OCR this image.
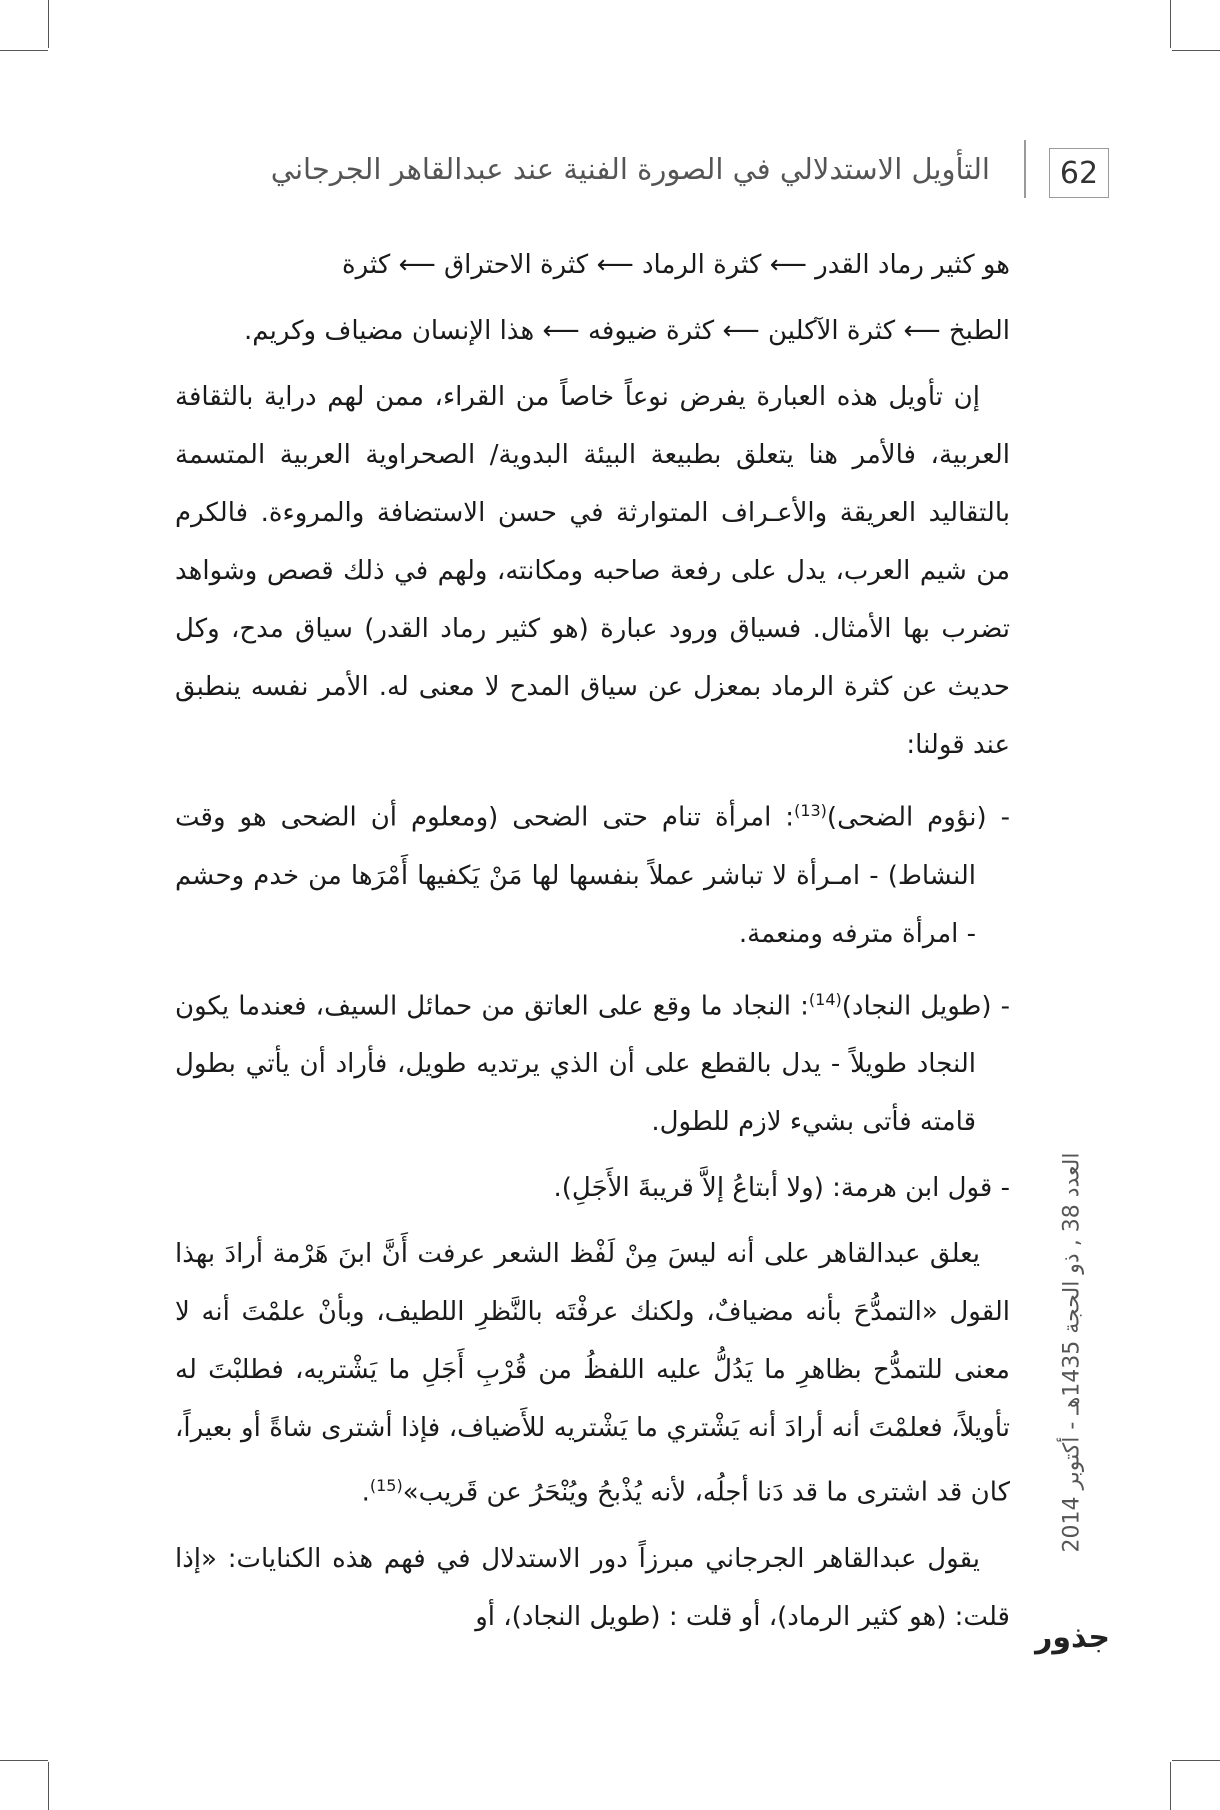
62
التأويل الاستدلالي في الصورة الفنية عند عبدالقاهر الجرجاني
العدد 38 , ذو الحجة 1435هـ - أكتوبر 2014
جذور

هو كثير رماد القدر ⟵ كثرة الرماد ⟵ كثرة الاحتراق ⟵ كثرة

الطبخ ⟵ كثرة الآكلين ⟵ كثرة ضيوفه ⟵ هذا الإنسان مضياف وكريم.

إن تأويل هذه العبارة يفرض نوعاً خاصاً من القراء، ممن لهم دراية بالثقافة العربية، فالأمر هنا يتعلق بطبيعة البيئة البدوية/ الصحراوية العربية المتسمة بالتقاليد العريقة والأعـراف المتوارثة في حسن الاستضافة والمروءة. فالكرم من شيم العرب، يدل على رفعة صاحبه ومكانته، ولهم في ذلك قصص وشواهد تضرب بها الأمثال. فسياق ورود عبارة (هو كثير رماد القدر) سياق مدح، وكل حديث عن كثرة الرماد بمعزل عن سياق المدح لا معنى له. الأمر نفسه ينطبق عند قولنا:

- (نؤوم الضحى)$^{(13)}$: امرأة تنام حتى الضحى (ومعلوم أن الضحى هو وقت النشاط) - امـرأة لا تباشر عملاً بنفسها لها مَنْ يَكفيها أَمْرَها من خدم وحشم - امرأة مترفه ومنعمة.

- (طويل النجاد)$^{(14)}$: النجاد ما وقع على العاتق من حمائل السيف، فعندما يكون النجاد طويلاً - يدل بالقطع على أن الذي يرتديه طويل، فأراد أن يأتي بطول قامته فأتى بشيء لازم للطول.

- قول ابن هرمة: (ولا أبتاعُ إلاَّ قريبةَ الأَجَلِ).

يعلق عبدالقاهر على أنه ليسَ مِنْ لَفْظ الشعر عرفت أَنَّ ابنَ هَرْمة أرادَ بهذا القول «التمدُّحَ بأنه مضيافٌ، ولكنك عرفْتَه بالنَّظرِ اللطيف، وبأنْ علمْتَ أنه لا معنى للتمدُّح بظاهرِ ما يَدُلُّ عليه اللفظُ من قُرْبِ أَجَلِ ما يَشْتريه، فطلبْتَ له تأويلاً، فعلمْتَ أنه أرادَ أنه يَشْتري ما يَشْتريه للأَضياف، فإذا أشترى شاةً أو بعيراً، كان قد اشترى ما قد دَنا أجلُه، لأنه يُذْبحُ ويُنْحَرُ عن قَريب»$^{(15)}$.

يقول عبدالقاهر الجرجاني مبرزاً دور الاستدلال في فهم هذه الكنايات: «إذا قلت: (هو كثير الرماد)، أو قلت : (طويل النجاد)، أو
